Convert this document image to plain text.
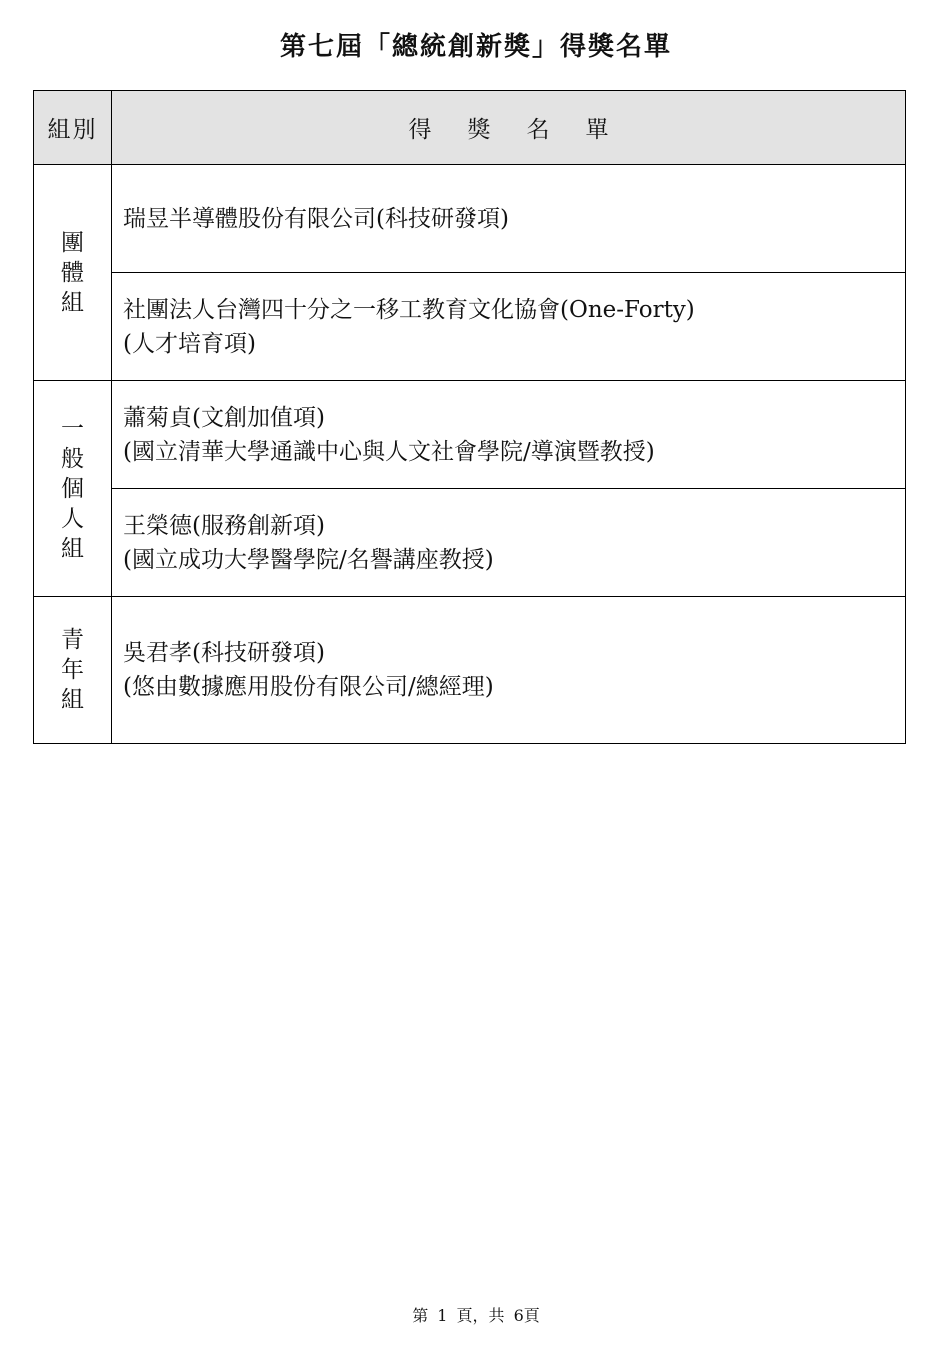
第七屆「總統創新獎」得獎名單
組別	得獎名單

團
體
組	瑞昱半導體股份有限公司(科技研發項)

	社團法人台灣四十分之一移工教育文化協會(One-Forty)
(人才培育項)

一
般
個
人
組	蕭菊貞(文創加值項)
(國立清華大學通識中心與人文社會學院/導演暨教授)

	王榮德(服務創新項)
(國立成功大學醫學院/名譽講座教授)

青
年
組	吳君孝(科技研發項)
(悠由數據應用股份有限公司/總經理)
第 1 頁，共 6頁
